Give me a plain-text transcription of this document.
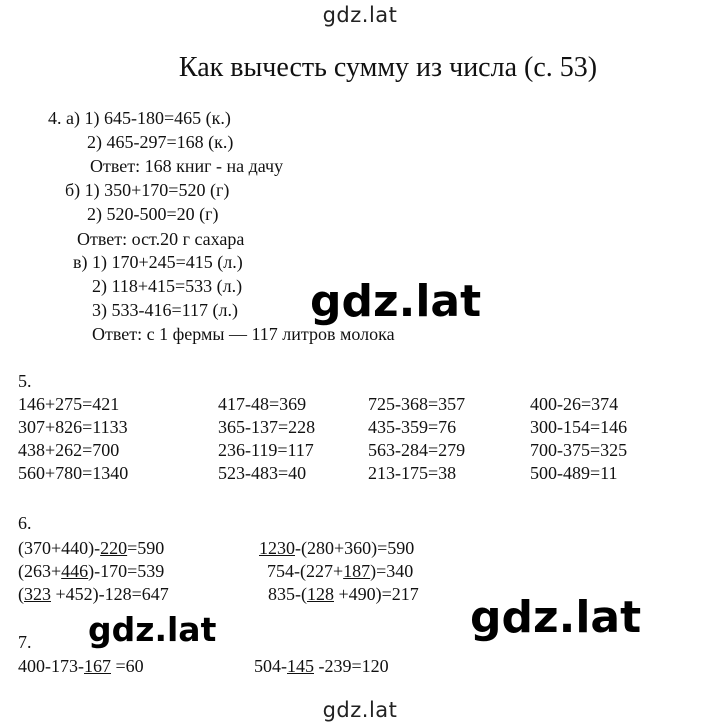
gdz.lat
Как вычесть сумму из числа (с. 53)
4. а) 1) 645-180=465 (к.)
2) 465-297=168 (к.)
Ответ: 168 книг - на дачу
б) 1) 350+170=520 (г)
2) 520-500=20 (г)
Ответ: ост.20 г сахара
в) 1) 170+245=415 (л.)
2) 118+415=533 (л.)
3) 533-416=117 (л.)
Ответ: с 1 фермы — 117 литров молока
gdz.lat
5.
146+275=421	417-48=369	725-368=357	400-26=374
307+826=1133	365-137=228	435-359=76	300-154=146
438+262=700	236-119=117	563-284=279	700-375=325
560+780=1340	523-483=40	213-175=38	500-489=11
6.
(370+440)-220=590	1230-(280+360)=590
(263+446)-170=539	754-(227+187)=340
(323 +452)-128=647	835-(128 +490)=217
gdz.lat	gdz.lat
7.
400-173-167 =60	504-145 -239=120
gdz.lat
